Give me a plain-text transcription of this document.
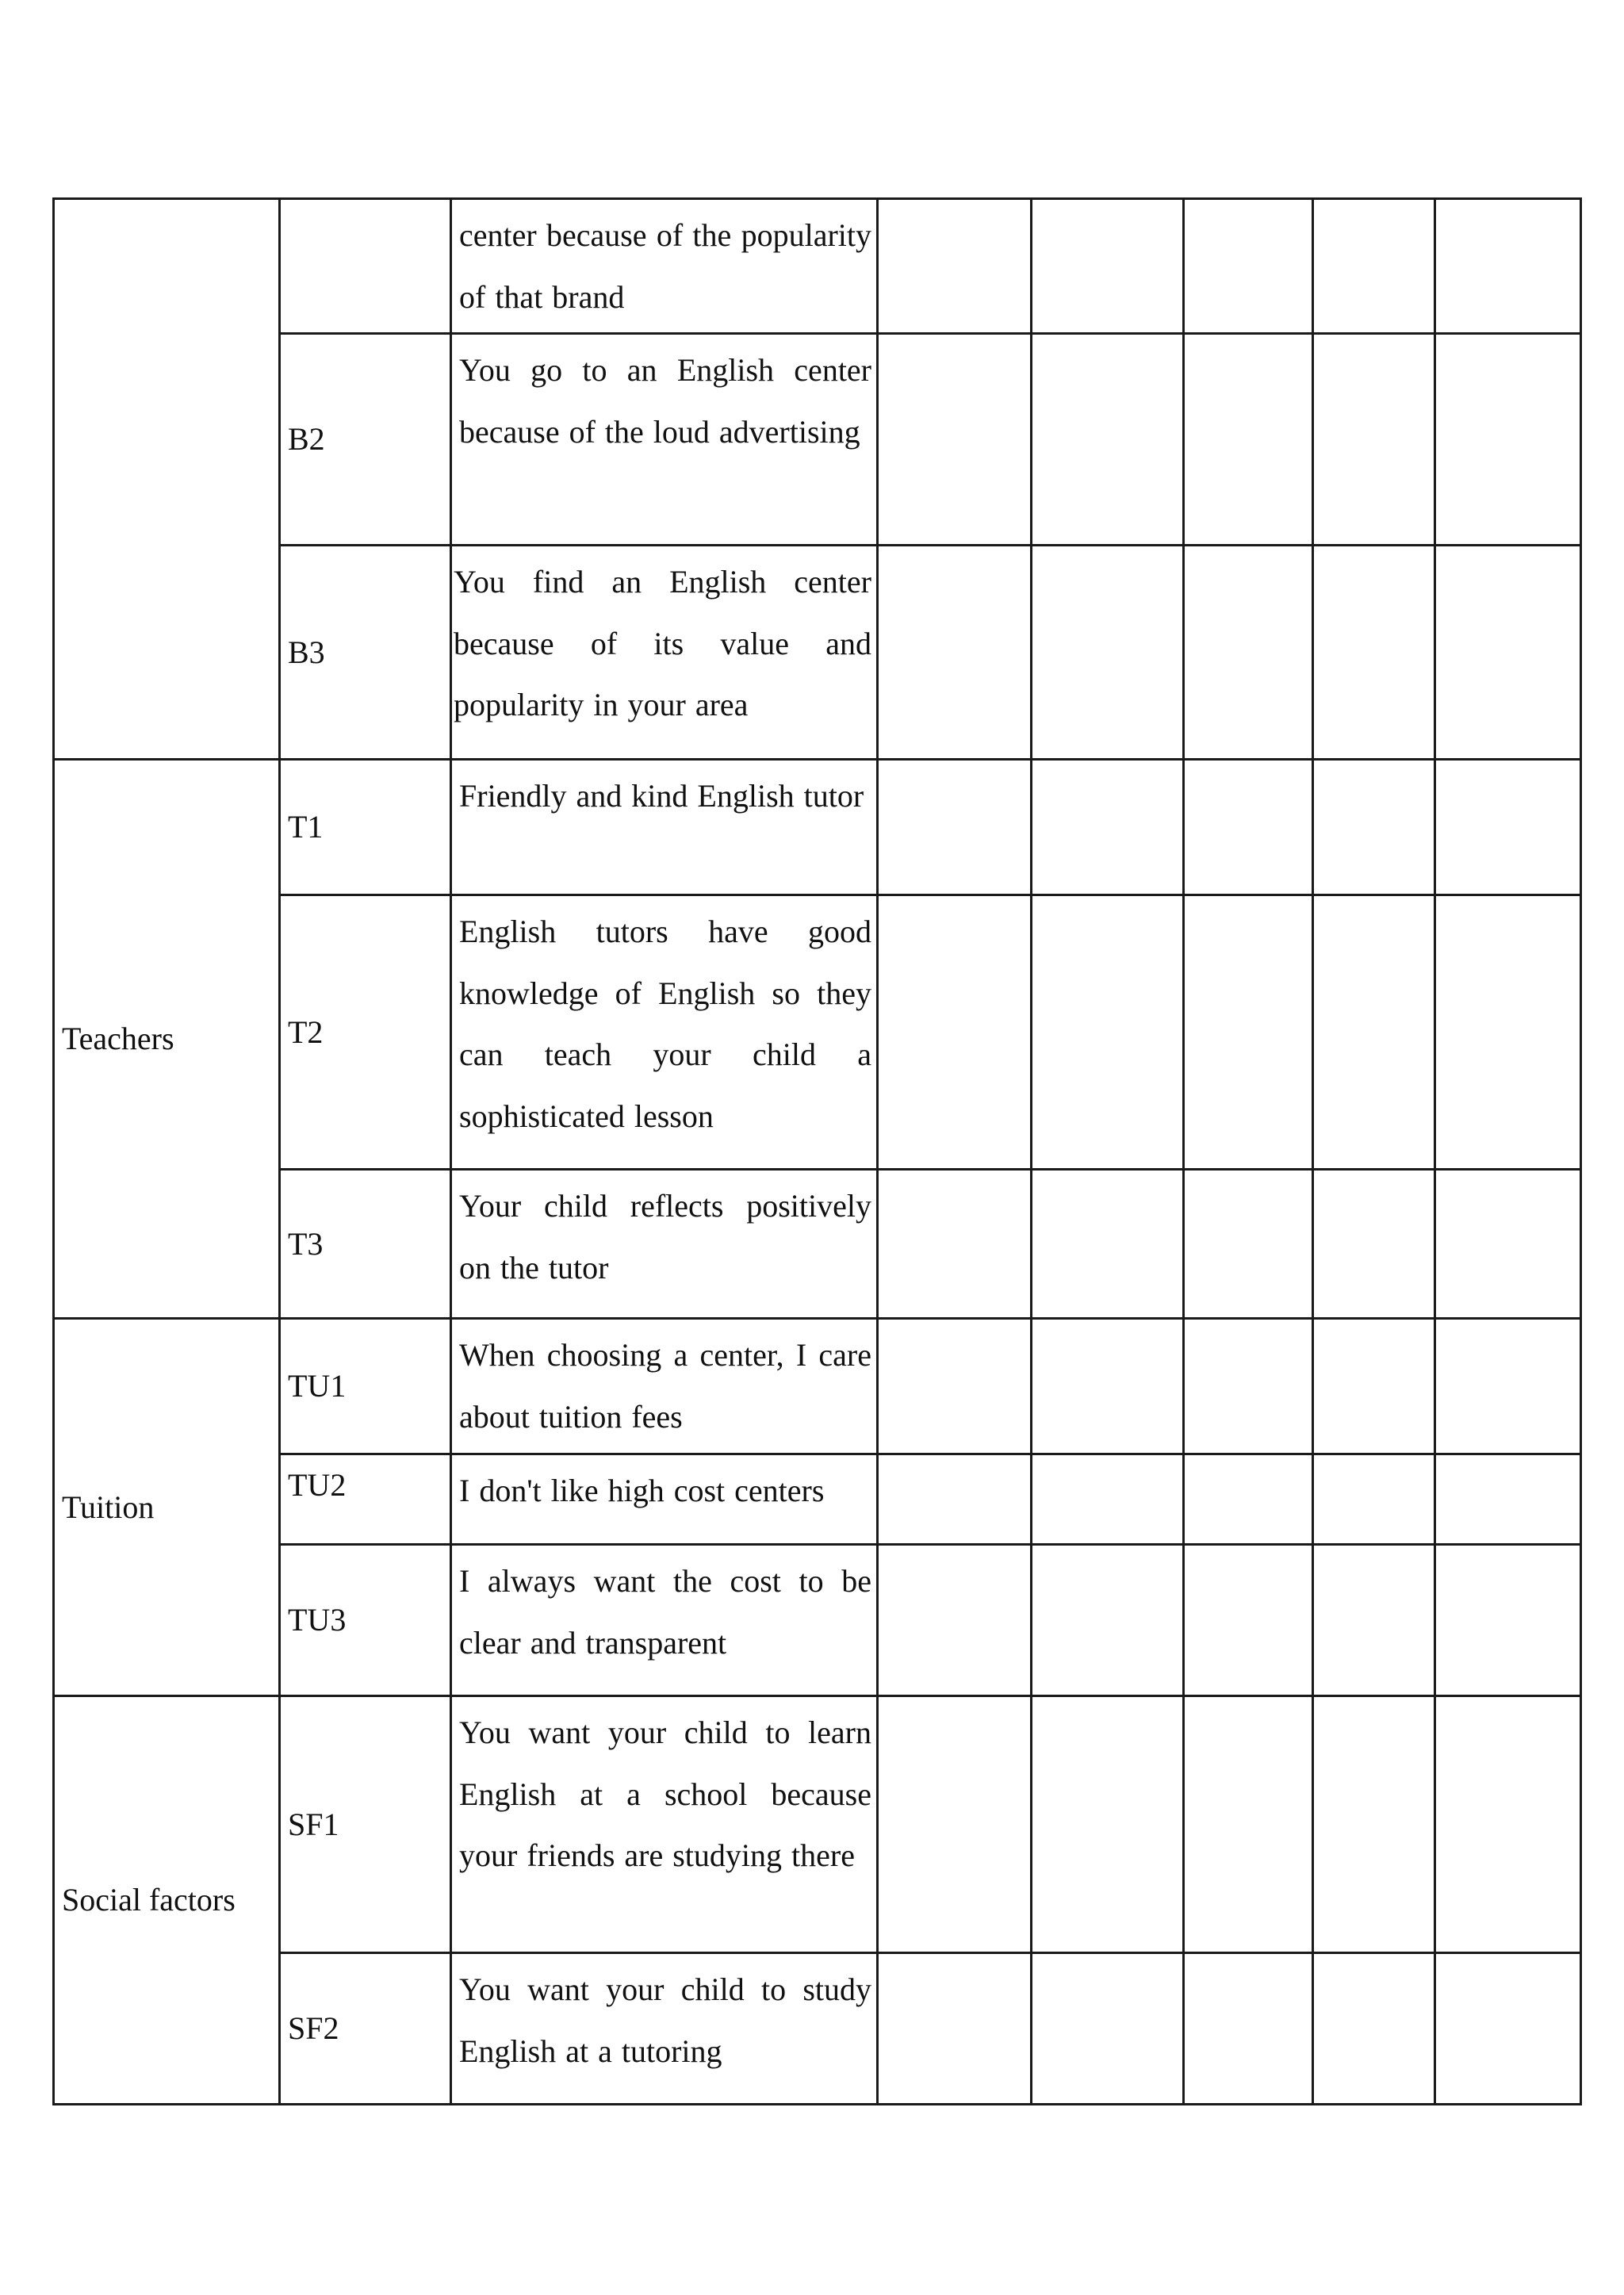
		center because of the popularity of that brand					
	B2	You go to an English center because of the loud advertising					
	B3	You find an English center because of its value and popularity in your area					
Teachers	T1	Friendly and kind English tutor					
	T2	English tutors have good knowledge of English so they can teach your child a sophisticated lesson					
	T3	Your child reflects positively on the tutor					
Tuition	TU1	When choosing a center, I care about tuition fees					
	TU2	I don't like high cost centers					
	TU3	I always want the cost to be clear and transparent					
Social factors	SF1	You want your child to learn English at a school because your friends are studying there					
	SF2	You want your child to study English at a tutoring					
